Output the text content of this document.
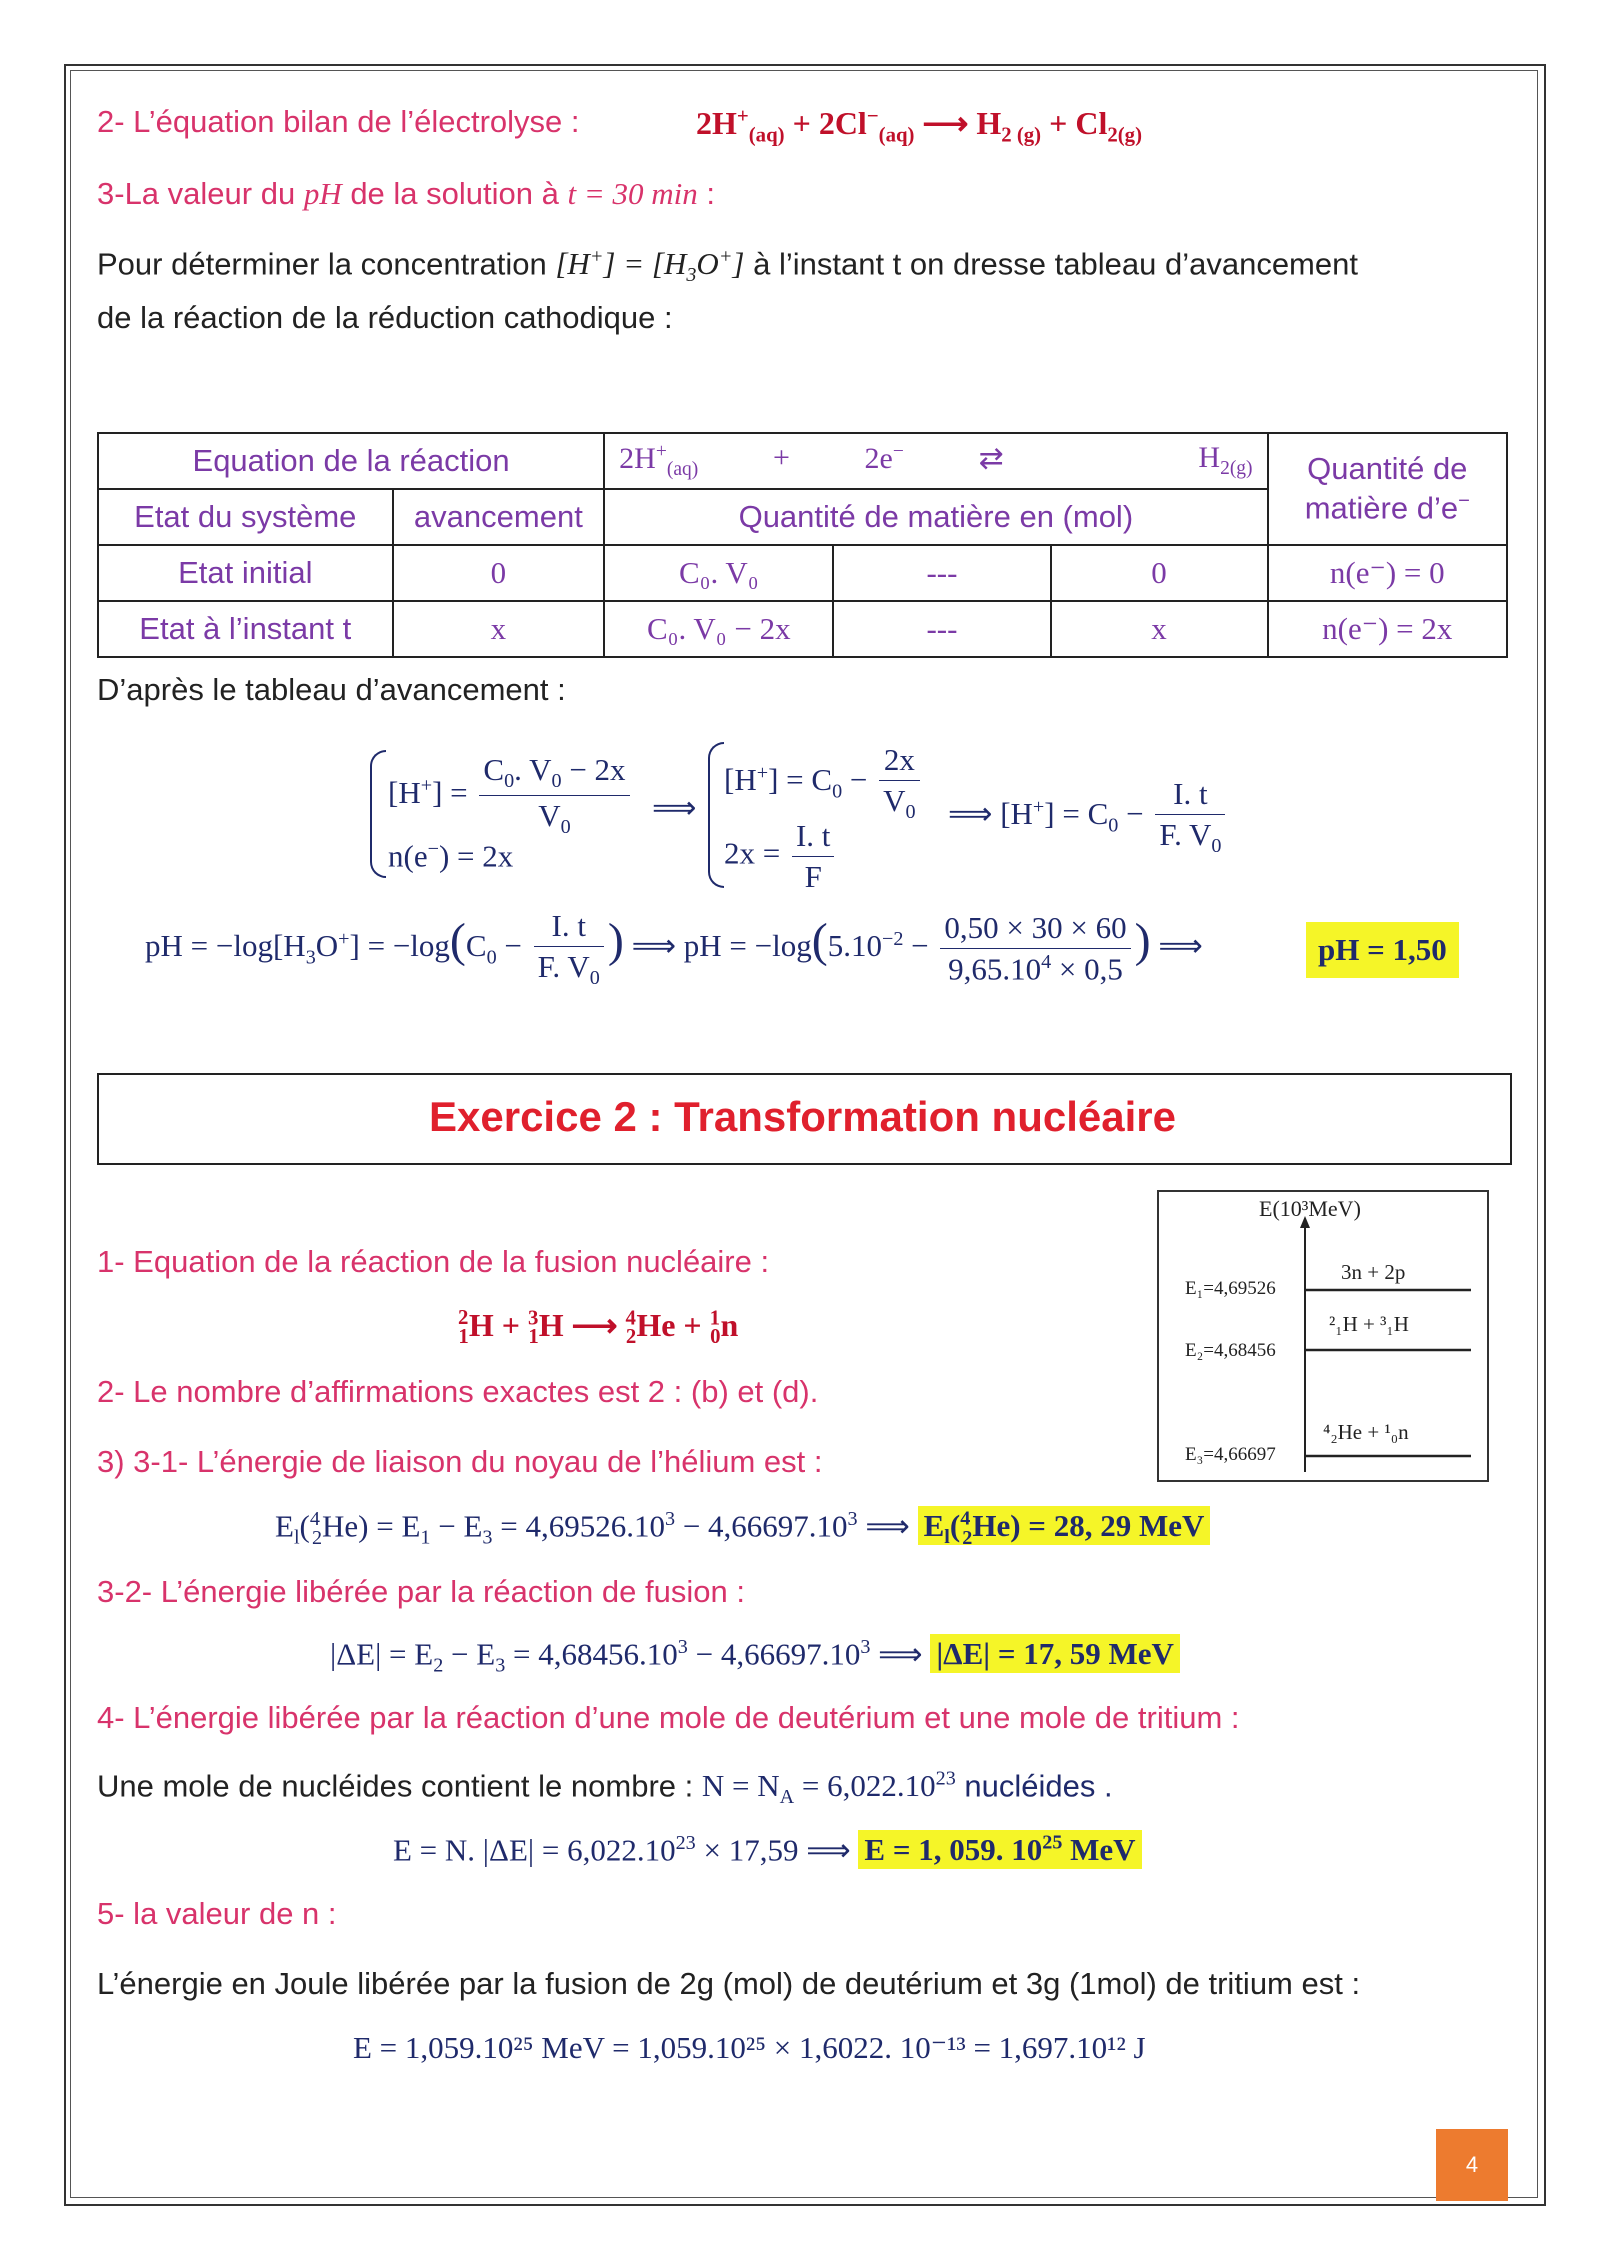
2- L’équation bilan de l’électrolyse :	$2H^+_{(aq)} + 2Cl^-_{(aq)}$ ⟶ $H_{2 (g)} + Cl_{2(g)}$
3-La valeur du pH de la solution à t = 30 min :
Pour déterminer la concentration $[H^+] = [H_3O^+]$ à l’instant t on dresse tableau d’avancement
de la réaction de la réduction cathodique :
Equation de la réaction		$2H^+_{(aq)} + 2e^-$ ⇄ $H_{2(g)}$			Quantité de
matière d’e−
Etat du système	avancement	Quantité de matière en (mol)			
Etat initial	0	C₀. V₀	---	0	n(e⁻) = 0
Etat à l’instant t	x	C₀. V₀ − 2x	---	x	n(e⁻) = 2x
D’après le tableau d’avancement :
$[H^+] = \frac{C_0. V_0 - 2x}{V_0}$
n(e−) = 2x
⟹
$[H^+] = C_0 - \frac{2x}{V_0}$
$2x = \frac{I. t}{F}$
⟹ $[H^+] = C_0 - \frac{I. t}{F. V_0}$
pH = $-\log[H_3O^+] = -\log(C_0 - \frac{I. t}{F. V_0}$ ) ⟹ pH = $-\log(5.10^{-2} - \frac{0,50 \times 30 \times 60}{9,65.10^4 \times 0,5}$ ) ⟹	pH = 1,50
Exercice 2 : Transformation nucléaire
E(10³MeV)
E₁=4,69526
E₂=4,68456
E₃=4,66697
3n + 2p
²₁H + ³₁H
⁴₂He + ¹₀n
1- Equation de la réaction de la fusion nucléaire :
$^2_1$H + $^3_1$H ⟶ $^4_2$He + $^1_0$n
2- Le nombre d’affirmations exactes est 2 : (b) et (d).
3) 3-1- L’énergie de liaison du noyau de l’hélium est :
$E_l(^4_2He) = E_1 - E_3 = 4,69526.10^3 - 4,66697.10^3$ ⟹ $E_l(^4_2He) = 28$, 29 MeV
3-2- L’énergie libérée par la réaction de fusion :
$|\Delta E| = E_2 - E_3 = 4,68456.10^3 - 4,66697.10^3$ ⟹ |ΔE| = 17, 59 MeV
4- L’énergie libérée par la réaction d’une mole de deutérium et une mole de tritium :
Une mole de nucléides contient le nombre : $N = N_A = 6,022.10^{23}$ nucléides .
E = N. $|\Delta E| = 6,022.10^{23} \times 17,59$ ⟹ E = 1, 059. $10^{25}$ MeV
5- la valeur de n :
L’énergie en Joule libérée par la fusion de 2g (mol) de deutérium et 3g (1mol) de tritium est :
E = 1,059.10²⁵ MeV = 1,059.10²⁵ × 1,6022. 10⁻¹³ = 1,697.10¹² J
4
